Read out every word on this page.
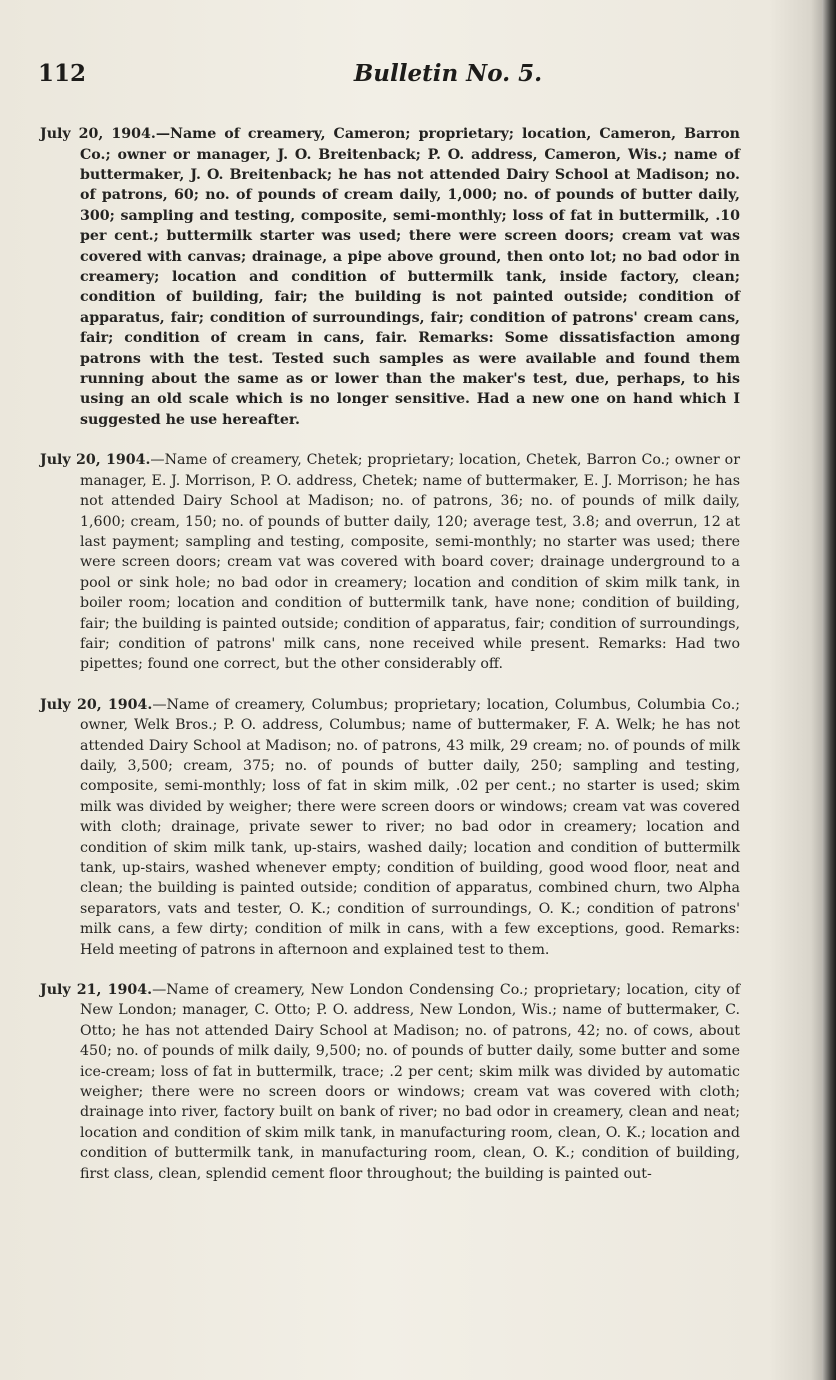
112	Bulletin No. 5.

July 20, 1904.—Name of creamery, Cameron; proprietary; location, Cameron, Barron Co.; owner or manager, J. O. Breitenback; P. O. address, Cameron, Wis.; name of buttermaker, J. O. Breitenback; he has not attended Dairy School at Madison; no. of patrons, 60; no. of pounds of cream daily, 1,000; no. of pounds of butter daily, 300; sampling and testing, composite, semi-monthly; loss of fat in buttermilk, .10 per cent.; buttermilk starter was used; there were screen doors; cream vat was covered with canvas; drainage, a pipe above ground, then onto lot; no bad odor in creamery; location and condition of buttermilk tank, inside factory, clean; condition of building, fair; the building is not painted outside; condition of apparatus, fair; condition of surroundings, fair; condition of patrons' cream cans, fair; condition of cream in cans, fair. Remarks: Some dissatisfaction among patrons with the test. Tested such samples as were available and found them running about the same as or lower than the maker's test, due, perhaps, to his using an old scale which is no longer sensitive. Had a new one on hand which I suggested he use hereafter.

July 20, 1904.—Name of creamery, Chetek; proprietary; location, Chetek, Barron Co.; owner or manager, E. J. Morrison, P. O. address, Chetek; name of buttermaker, E. J. Morrison; he has not attended Dairy School at Madison; no. of patrons, 36; no. of pounds of milk daily, 1,600; cream, 150; no. of pounds of butter daily, 120; average test, 3.8; and overrun, 12 at last payment; sampling and testing, composite, semi-monthly; no starter was used; there were screen doors; cream vat was covered with board cover; drainage underground to a pool or sink hole; no bad odor in creamery; location and condition of skim milk tank, in boiler room; location and condition of buttermilk tank, have none; condition of building, fair; the building is painted outside; condition of apparatus, fair; condition of surroundings, fair; condition of patrons' milk cans, none received while present. Remarks: Had two pipettes; found one correct, but the other considerably off.

July 20, 1904.—Name of creamery, Columbus; proprietary; location, Columbus, Columbia Co.; owner, Welk Bros.; P. O. address, Columbus; name of buttermaker, F. A. Welk; he has not attended Dairy School at Madison; no. of patrons, 43 milk, 29 cream; no. of pounds of milk daily, 3,500; cream, 375; no. of pounds of butter daily, 250; sampling and testing, composite, semi-monthly; loss of fat in skim milk, .02 per cent.; no starter is used; skim milk was divided by weigher; there were screen doors or windows; cream vat was covered with cloth; drainage, private sewer to river; no bad odor in creamery; location and condition of skim milk tank, up-stairs, washed daily; location and condition of buttermilk tank, up-stairs, washed whenever empty; condition of building, good wood floor, neat and clean; the building is painted outside; condition of apparatus, combined churn, two Alpha separators, vats and tester, O. K.; condition of surroundings, O. K.; condition of patrons' milk cans, a few dirty; condition of milk in cans, with a few exceptions, good. Remarks: Held meeting of patrons in afternoon and explained test to them.

July 21, 1904.—Name of creamery, New London Condensing Co.; proprietary; location, city of New London; manager, C. Otto; P. O. address, New London, Wis.; name of buttermaker, C. Otto; he has not attended Dairy School at Madison; no. of patrons, 42; no. of cows, about 450; no. of pounds of milk daily, 9,500; no. of pounds of butter daily, some butter and some ice-cream; loss of fat in buttermilk, trace; .2 per cent; skim milk was divided by automatic weigher; there were no screen doors or windows; cream vat was covered with cloth; drainage into river, factory built on bank of river; no bad odor in creamery, clean and neat; location and condition of skim milk tank, in manufacturing room, clean, O. K.; location and condition of buttermilk tank, in manufacturing room, clean, O. K.; condition of building, first class, clean, splendid cement floor throughout; the building is painted out-
